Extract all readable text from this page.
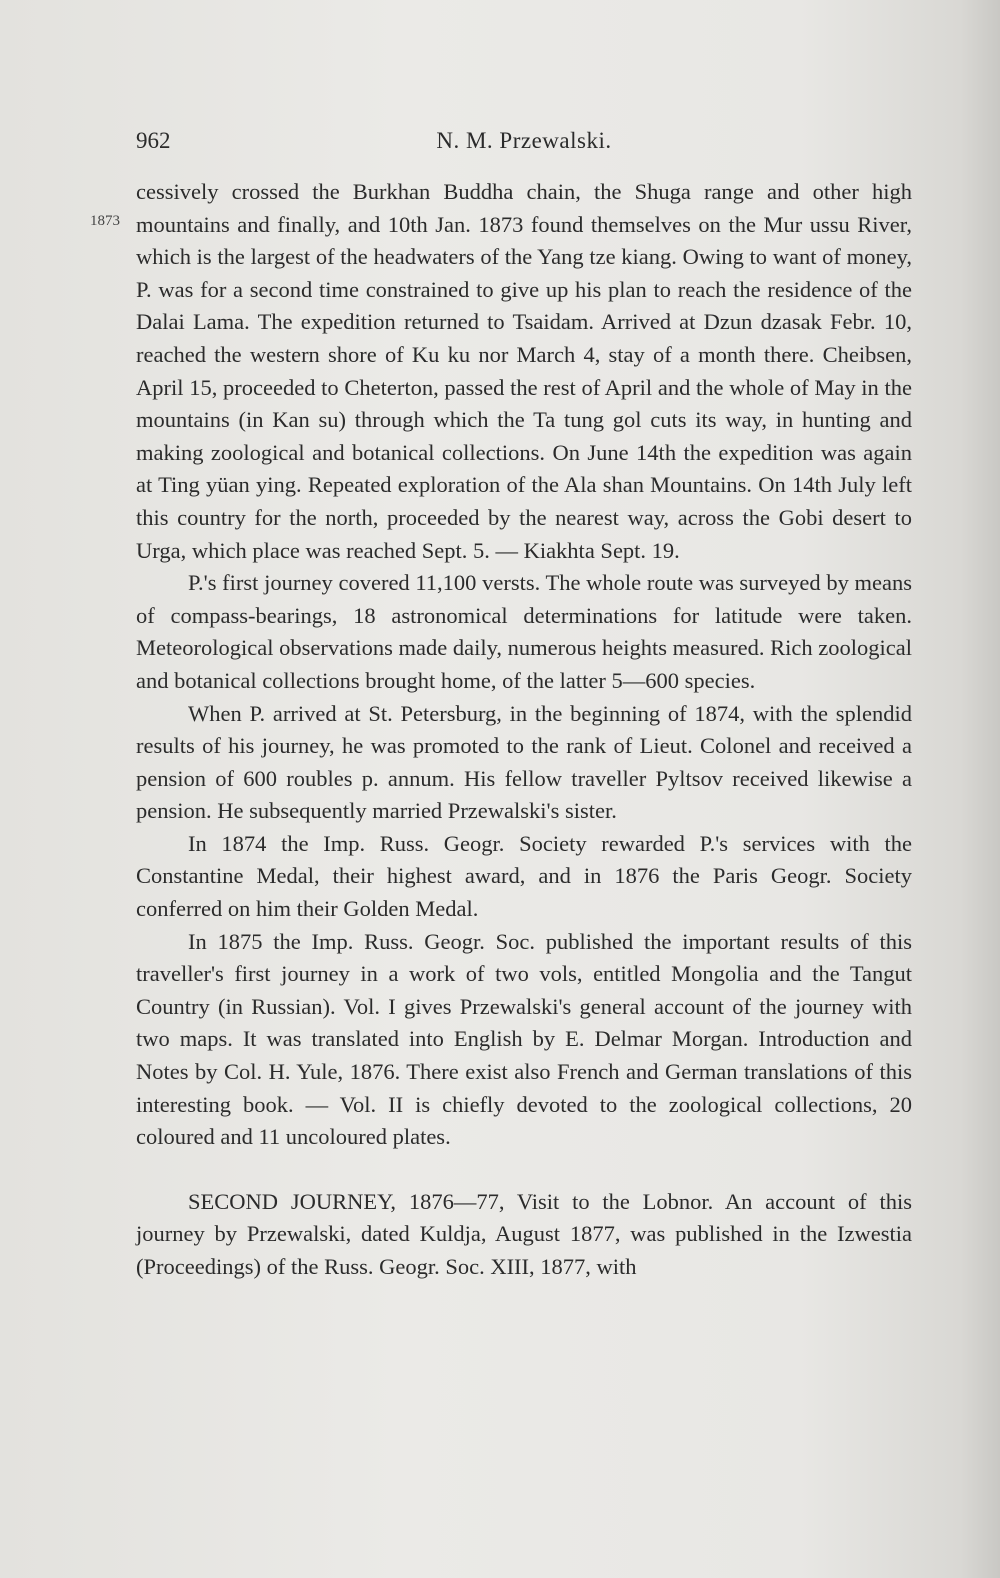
962	N. M. Przewalski.
1873

cessively crossed the Burkhan Buddha chain, the Shuga range and other high mountains and finally, and 10th Jan. 1873 found themselves on the Mur ussu River, which is the largest of the headwaters of the Yang tze kiang. Owing to want of money, P. was for a second time constrained to give up his plan to reach the residence of the Dalai Lama. The expedition returned to Tsaidam. Arrived at Dzun dzasak Febr. 10, reached the western shore of Ku ku nor March 4, stay of a month there. Cheibsen, April 15, proceeded to Cheterton, passed the rest of April and the whole of May in the mountains (in Kan su) through which the Ta tung gol cuts its way, in hunting and making zoological and botanical collections. On June 14th the expedition was again at Ting yüan ying. Repeated exploration of the Ala shan Mountains. On 14th July left this country for the north, proceeded by the nearest way, across the Gobi desert to Urga, which place was reached Sept. 5. — Kiakhta Sept. 19.

P.'s first journey covered 11,100 versts. The whole route was surveyed by means of compass-bearings, 18 astronomical determinations for latitude were taken. Meteorological observations made daily, numerous heights measured. Rich zoological and botanical collections brought home, of the latter 5—600 species.

When P. arrived at St. Petersburg, in the beginning of 1874, with the splendid results of his journey, he was promoted to the rank of Lieut. Colonel and received a pension of 600 roubles p. annum. His fellow traveller Pyltsov received likewise a pension. He subsequently married Przewalski's sister.

In 1874 the Imp. Russ. Geogr. Society rewarded P.'s services with the Constantine Medal, their highest award, and in 1876 the Paris Geogr. Society conferred on him their Golden Medal.

In 1875 the Imp. Russ. Geogr. Soc. published the important results of this traveller's first journey in a work of two vols, entitled Mongolia and the Tangut Country (in Russian). Vol. I gives Przewalski's general account of the journey with two maps. It was translated into English by E. Delmar Morgan. Introduction and Notes by Col. H. Yule, 1876. There exist also French and German translations of this interesting book. — Vol. II is chiefly devoted to the zoological collections, 20 coloured and 11 uncoloured plates.

SECOND JOURNEY, 1876—77, Visit to the Lobnor. An account of this journey by Przewalski, dated Kuldja, August 1877, was published in the Izwestia (Proceedings) of the Russ. Geogr. Soc. XIII, 1877, with
